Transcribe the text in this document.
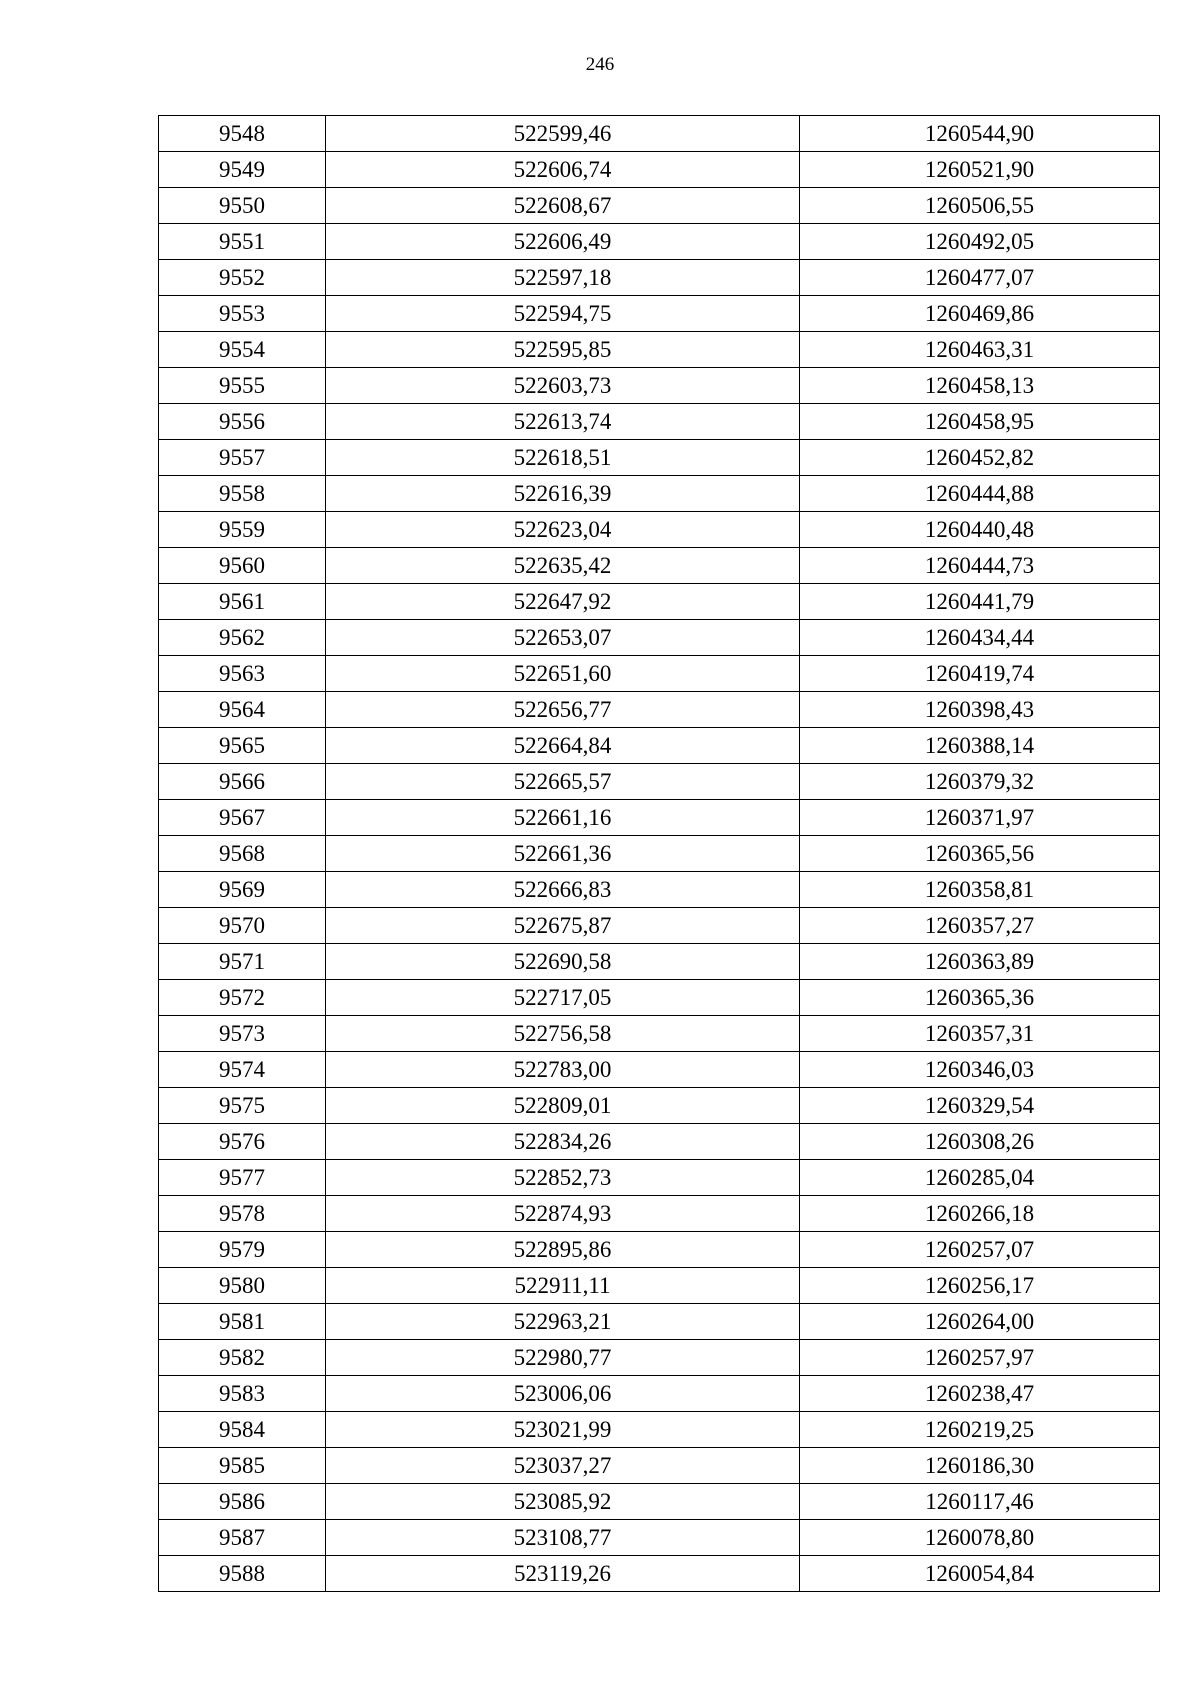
246
9548	522599,46	1260544,90
9549	522606,74	1260521,90
9550	522608,67	1260506,55
9551	522606,49	1260492,05
9552	522597,18	1260477,07
9553	522594,75	1260469,86
9554	522595,85	1260463,31
9555	522603,73	1260458,13
9556	522613,74	1260458,95
9557	522618,51	1260452,82
9558	522616,39	1260444,88
9559	522623,04	1260440,48
9560	522635,42	1260444,73
9561	522647,92	1260441,79
9562	522653,07	1260434,44
9563	522651,60	1260419,74
9564	522656,77	1260398,43
9565	522664,84	1260388,14
9566	522665,57	1260379,32
9567	522661,16	1260371,97
9568	522661,36	1260365,56
9569	522666,83	1260358,81
9570	522675,87	1260357,27
9571	522690,58	1260363,89
9572	522717,05	1260365,36
9573	522756,58	1260357,31
9574	522783,00	1260346,03
9575	522809,01	1260329,54
9576	522834,26	1260308,26
9577	522852,73	1260285,04
9578	522874,93	1260266,18
9579	522895,86	1260257,07
9580	522911,11	1260256,17
9581	522963,21	1260264,00
9582	522980,77	1260257,97
9583	523006,06	1260238,47
9584	523021,99	1260219,25
9585	523037,27	1260186,30
9586	523085,92	1260117,46
9587	523108,77	1260078,80
9588	523119,26	1260054,84
